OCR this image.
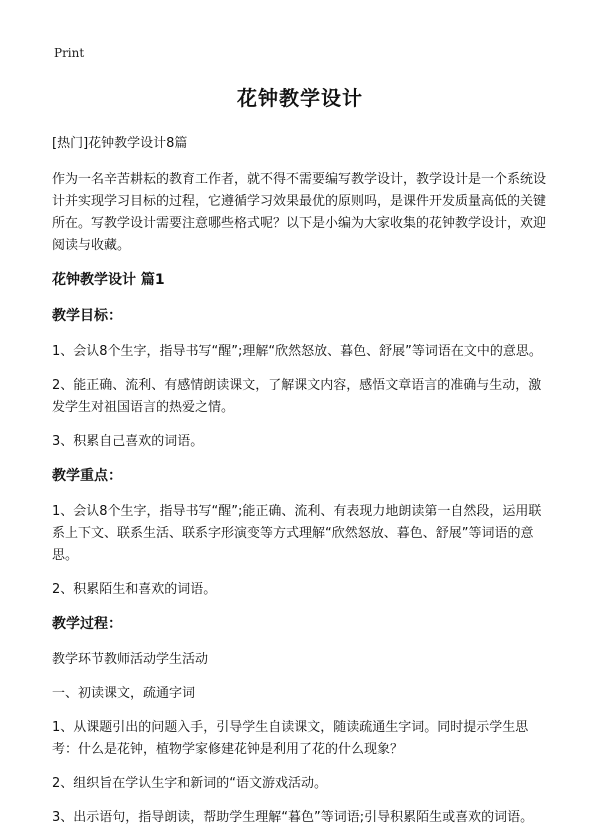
Print
花钟教学设计
[热门]花钟教学设计8篇
作为一名辛苦耕耘的教育工作者，就不得不需要编写教学设计，教学设计是一个系统设计并实现学习目标的过程，它遵循学习效果最优的原则吗，是课件开发质量高低的关键所在。写教学设计需要注意哪些格式呢？以下是小编为大家收集的花钟教学设计，欢迎阅读与收藏。
花钟教学设计 篇1
教学目标：
1、会认8个生字，指导书写“醒”;理解“欣然怒放、暮色、舒展”等词语在文中的意思。
2、能正确、流利、有感情朗读课文，了解课文内容，感悟文章语言的准确与生动，激发学生对祖国语言的热爱之情。
3、积累自己喜欢的词语。
教学重点：
1、会认8个生字，指导书写“醒”;能正确、流利、有表现力地朗读第一自然段，运用联系上下文、联系生活、联系字形演变等方式理解“欣然怒放、暮色、舒展”等词语的意思。
2、积累陌生和喜欢的词语。
教学过程：
教学环节教师活动学生活动
一、初读课文，疏通字词
1、从课题引出的问题入手，引导学生自读课文，随读疏通生字词。同时提示学生思考：什么是花钟，植物学家修建花钟是利用了花的什么现象？
2、组织旨在学认生字和新词的“语文游戏活动。
3、出示语句，指导朗读，帮助学生理解“暮色”等词语;引导积累陌生或喜欢的词语。
